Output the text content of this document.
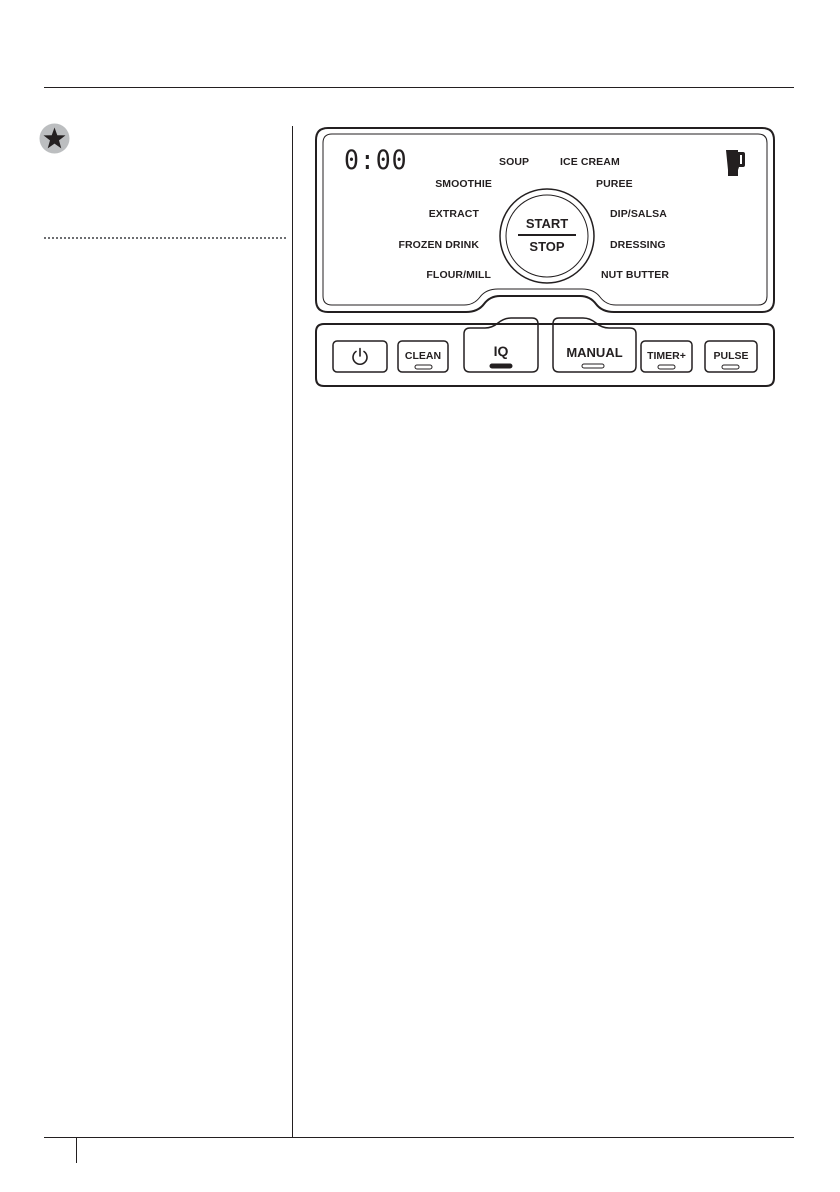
0:00	SOUP	ICE CREAM
SMOOTHIE
EXTRACT
FROZEN DRINK
FLOUR/MILL
PUREE
DIP/SALSA
DRESSING
NUT BUTTER
START
STOP
CLEAN	IQ	MANUAL	TIMER+	PULSE
